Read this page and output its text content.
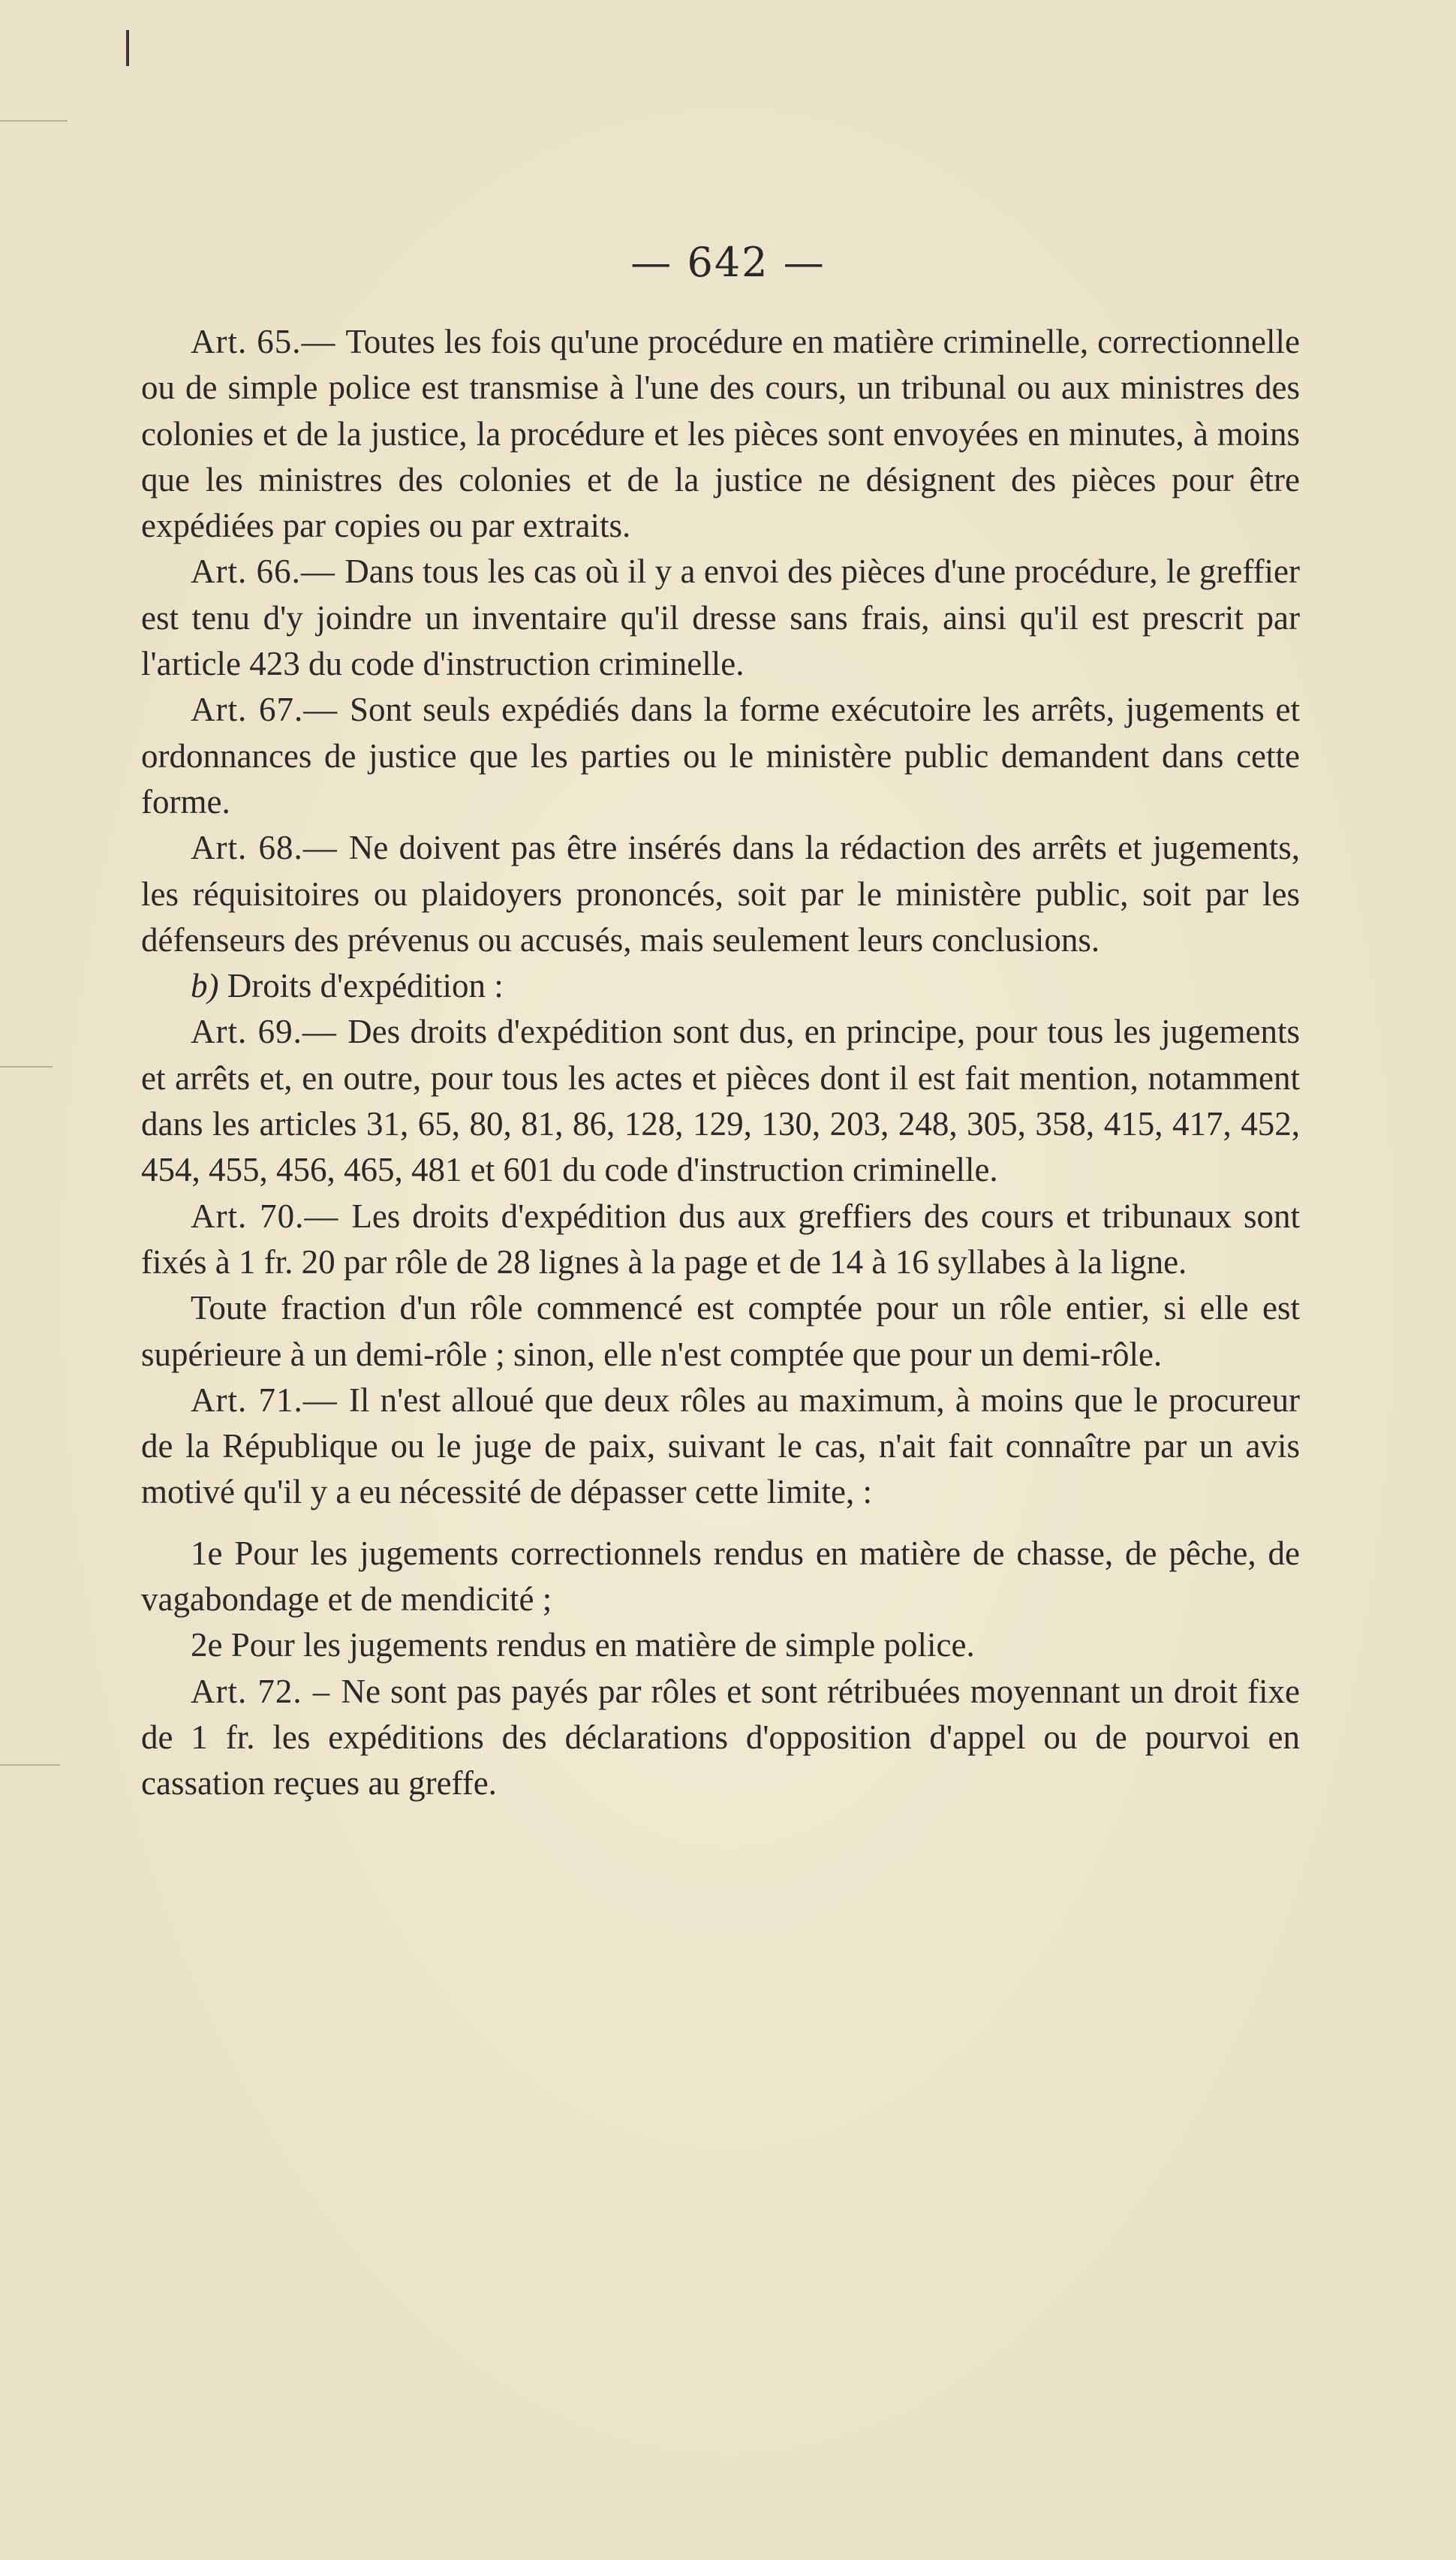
— 642 —

Art. 65.— Toutes les fois qu'une procédure en matière criminelle, correctionnelle ou de simple police est transmise à l'une des cours, un tribunal ou aux ministres des colonies et de la justice, la procédure et les pièces sont envoyées en minutes, à moins que les ministres des colonies et de la justice ne désignent des pièces pour être expédiées par copies ou par extraits.

Art. 66.— Dans tous les cas où il y a envoi des pièces d'une procédure, le greffier est tenu d'y joindre un inventaire qu'il dresse sans frais, ainsi qu'il est prescrit par l'article 423 du code d'instruction criminelle.

Art. 67.— Sont seuls expédiés dans la forme exécutoire les arrêts, jugements et ordonnances de justice que les parties ou le ministère public demandent dans cette forme.

Art. 68.— Ne doivent pas être insérés dans la rédaction des arrêts et jugements, les réquisitoires ou plaidoyers prononcés, soit par le ministère public, soit par les défenseurs des prévenus ou accusés, mais seulement leurs conclusions.

b) Droits d'expédition :

Art. 69.— Des droits d'expédition sont dus, en principe, pour tous les jugements et arrêts et, en outre, pour tous les actes et pièces dont il est fait mention, notamment dans les articles 31, 65, 80, 81, 86, 128, 129, 130, 203, 248, 305, 358, 415, 417, 452, 454, 455, 456, 465, 481 et 601 du code d'instruction criminelle.

Art. 70.— Les droits d'expédition dus aux greffiers des cours et tribunaux sont fixés à 1 fr. 20 par rôle de 28 lignes à la page et de 14 à 16 syllabes à la ligne.

Toute fraction d'un rôle commencé est comptée pour un rôle entier, si elle est supérieure à un demi-rôle ; sinon, elle n'est comptée que pour un demi-rôle.

Art. 71.— Il n'est alloué que deux rôles au maximum, à moins que le procureur de la République ou le juge de paix, suivant le cas, n'ait fait connaître par un avis motivé qu'il y a eu nécessité de dépasser cette limite, :

1e Pour les jugements correctionnels rendus en matière de chasse, de pêche, de vagabondage et de mendicité ;

2e Pour les jugements rendus en matière de simple police.

Art. 72. – Ne sont pas payés par rôles et sont rétribuées moyennant un droit fixe de 1 fr. les expéditions des déclarations d'opposition d'appel ou de pourvoi en cassation reçues au greffe.
